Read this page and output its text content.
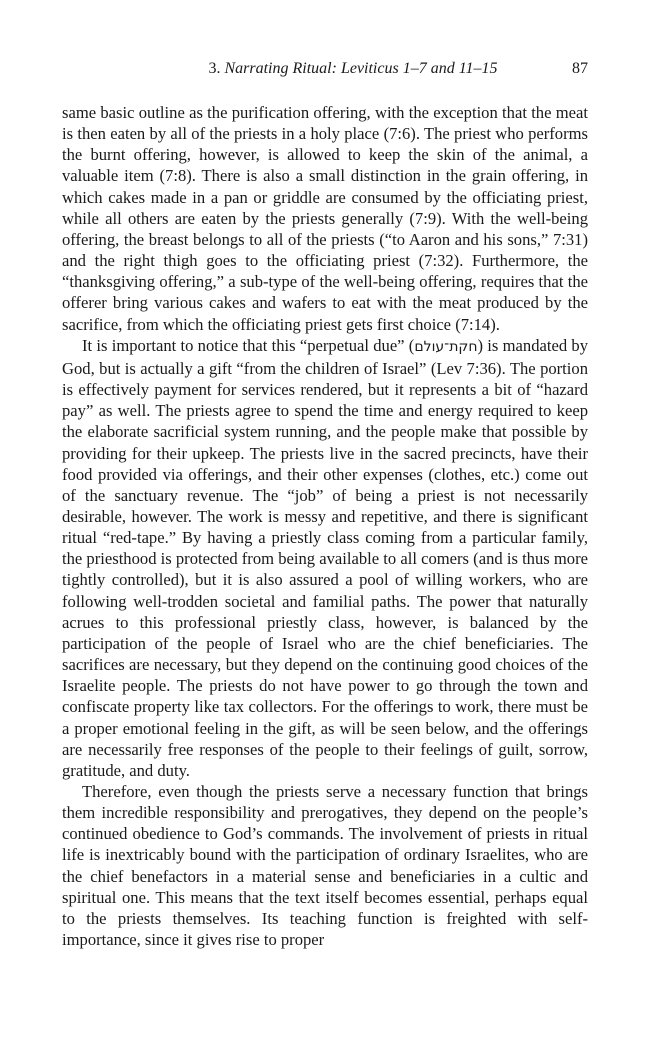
3. Narrating Ritual: Leviticus 1–7 and 11–15	87

same basic outline as the purification offering, with the exception that the meat is then eaten by all of the priests in a holy place (7:6). The priest who performs the burnt offering, however, is allowed to keep the skin of the animal, a valuable item (7:8). There is also a small distinction in the grain offering, in which cakes made in a pan or griddle are consumed by the officiating priest, while all others are eaten by the priests generally (7:9). With the well-being offering, the breast belongs to all of the priests (“to Aaron and his sons,” 7:31) and the right thigh goes to the officiating priest (7:32). Furthermore, the “thanksgiving offering,” a sub-type of the well-being offering, requires that the offerer bring various cakes and wafers to eat with the meat produced by the sacrifice, from which the officiating priest gets first choice (7:14).

It is important to notice that this “perpetual due” (חקת־עולם) is mandated by God, but is actually a gift “from the children of Israel” (Lev 7:36). The portion is effectively payment for services rendered, but it represents a bit of “hazard pay” as well. The priests agree to spend the time and energy required to keep the elaborate sacrificial system running, and the people make that possible by providing for their upkeep. The priests live in the sacred precincts, have their food provided via offerings, and their other expenses (clothes, etc.) come out of the sanctuary revenue. The “job” of being a priest is not necessarily desirable, however. The work is messy and repetitive, and there is significant ritual “red-tape.” By having a priestly class coming from a particular family, the priesthood is protected from being available to all comers (and is thus more tightly controlled), but it is also assured a pool of willing workers, who are following well-trodden societal and familial paths. The power that naturally acrues to this professional priestly class, however, is balanced by the participation of the people of Israel who are the chief beneficiaries. The sacrifices are necessary, but they depend on the continuing good choices of the Israelite people. The priests do not have power to go through the town and confiscate property like tax collectors. For the offerings to work, there must be a proper emotional feeling in the gift, as will be seen below, and the offerings are necessarily free responses of the people to their feelings of guilt, sorrow, gratitude, and duty.

Therefore, even though the priests serve a necessary function that brings them incredible responsibility and prerogatives, they depend on the people’s continued obedience to God’s commands. The involvement of priests in ritual life is inextricably bound with the participation of ordinary Israelites, who are the chief benefactors in a material sense and beneficiaries in a cultic and spiritual one. This means that the text itself becomes essential, perhaps equal to the priests themselves. Its teaching function is freighted with self-importance, since it gives rise to proper
